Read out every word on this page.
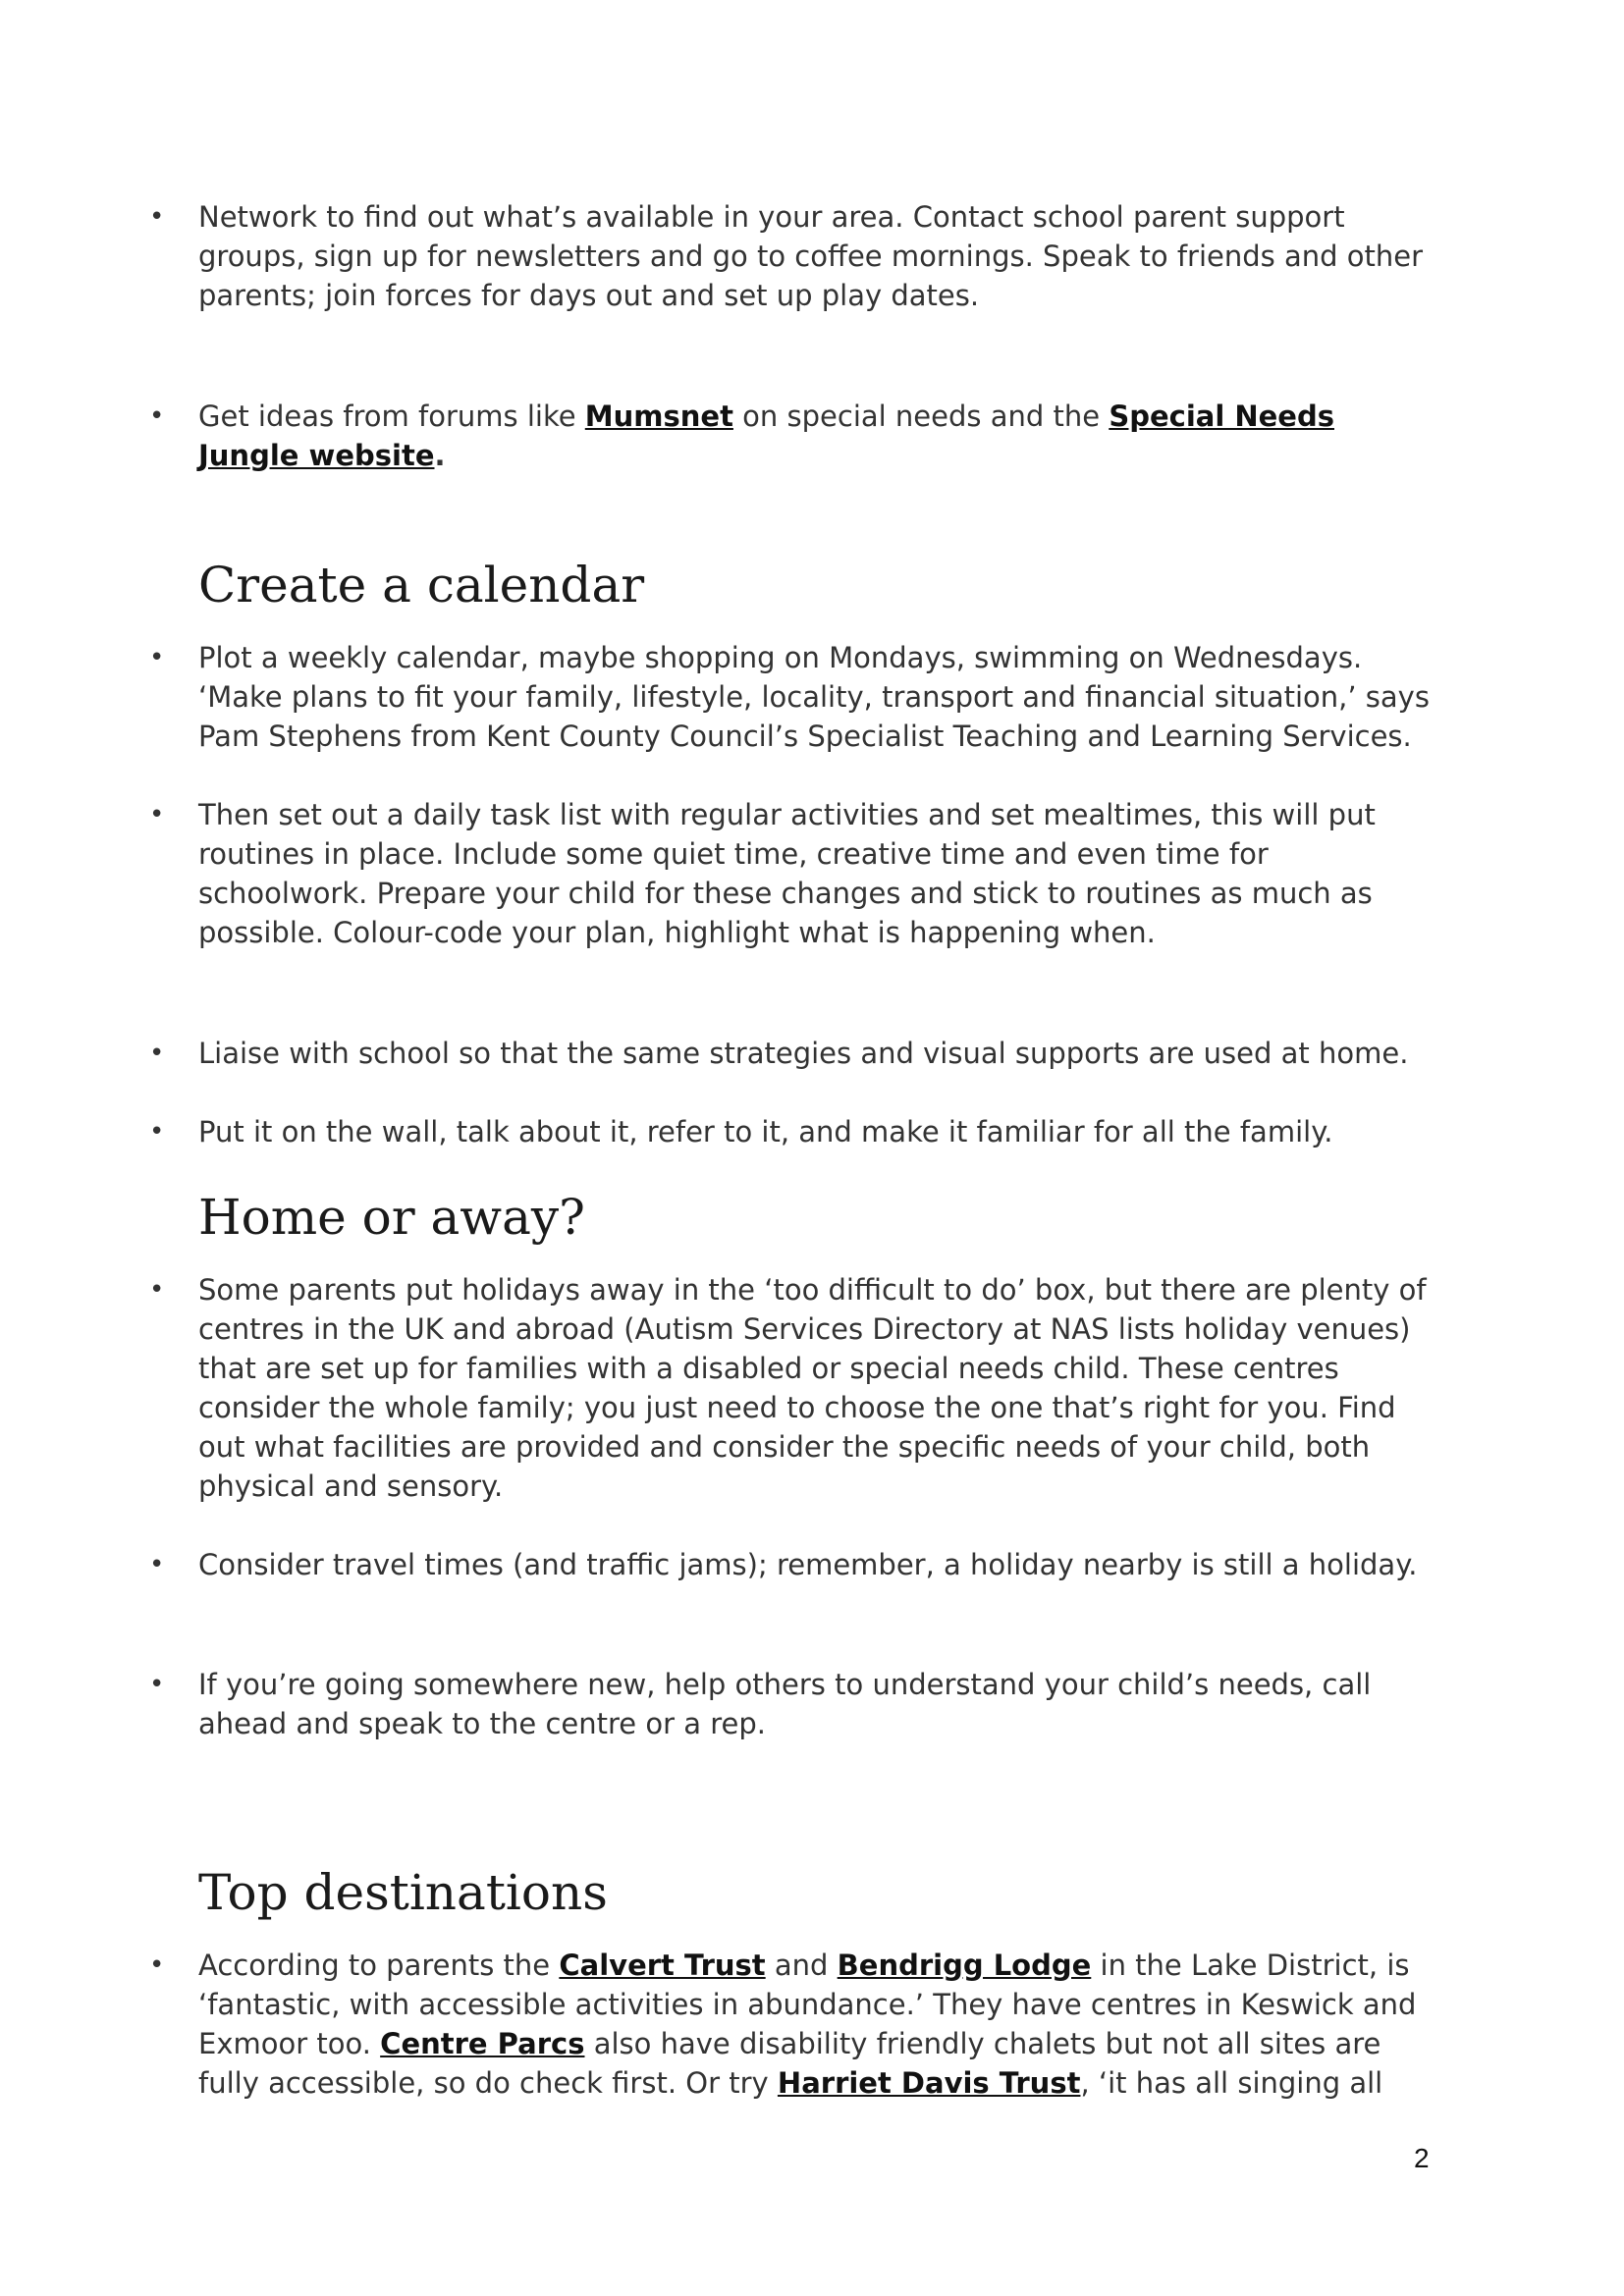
• Network to find out what’s available in your area. Contact school parent support groups, sign up for newsletters and go to coffee mornings. Speak to friends and other parents; join forces for days out and set up play dates.
• Get ideas from forums like Mumsnet on special needs and the Special Needs Jungle website.
Create a calendar
• Plot a weekly calendar, maybe shopping on Mondays, swimming on Wednesdays. ‘Make plans to fit your family, lifestyle, locality, transport and financial situation,’ says Pam Stephens from Kent County Council’s Specialist Teaching and Learning Services.
• Then set out a daily task list with regular activities and set mealtimes, this will put routines in place. Include some quiet time, creative time and even time for schoolwork. Prepare your child for these changes and stick to routines as much as possible. Colour-code your plan, highlight what is happening when.
• Liaise with school so that the same strategies and visual supports are used at home.
• Put it on the wall, talk about it, refer to it, and make it familiar for all the family.
Home or away?
• Some parents put holidays away in the ‘too difficult to do’ box, but there are plenty of centres in the UK and abroad (Autism Services Directory at NAS lists holiday venues) that are set up for families with a disabled or special needs child. These centres consider the whole family; you just need to choose the one that’s right for you. Find out what facilities are provided and consider the specific needs of your child, both physical and sensory.
• Consider travel times (and traffic jams); remember, a holiday nearby is still a holiday.
• If you’re going somewhere new, help others to understand your child’s needs, call ahead and speak to the centre or a rep.
Top destinations
• According to parents the Calvert Trust and Bendrigg Lodge in the Lake District, is ‘fantastic, with accessible activities in abundance.’ They have centres in Keswick and Exmoor too. Centre Parcs also have disability friendly chalets but not all sites are fully accessible, so do check first. Or try Harriet Davis Trust, ‘it has all singing all
2
